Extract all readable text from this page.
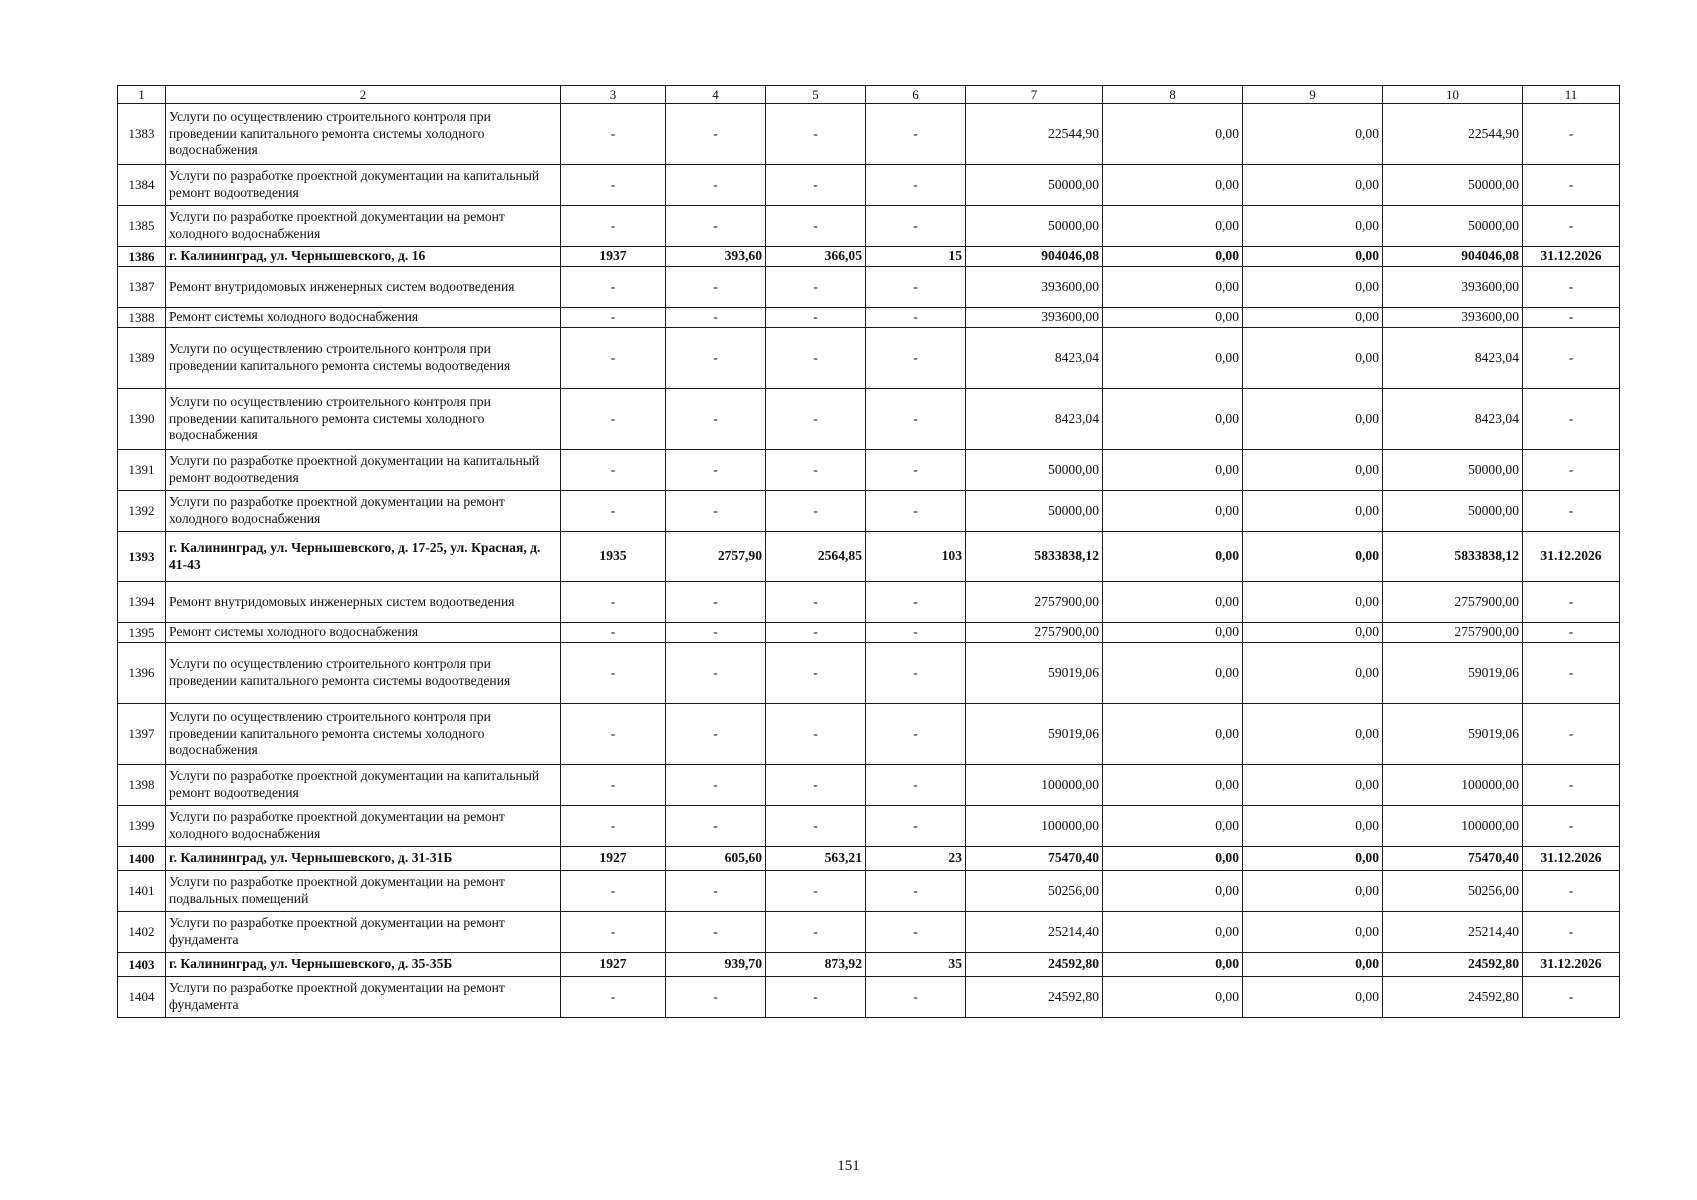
1	2	3	4	5	6	7	8	9	10	11
1383	Услуги по осуществлению строительного контроля при проведении капитального ремонта системы холодного водоснабжения	-	-	-	-	22544,90	0,00	0,00	22544,90	-
1384	Услуги по разработке проектной документации на капитальный ремонт водоотведения	-	-	-	-	50000,00	0,00	0,00	50000,00	-
1385	Услуги по разработке проектной документации на ремонт холодного водоснабжения	-	-	-	-	50000,00	0,00	0,00	50000,00	-
1386	г. Калининград, ул. Чернышевского, д. 16	1937	393,60	366,05	15	904046,08	0,00	0,00	904046,08	31.12.2026
1387	Ремонт внутридомовых инженерных систем водоотведения	-	-	-	-	393600,00	0,00	0,00	393600,00	-
1388	Ремонт системы холодного водоснабжения	-	-	-	-	393600,00	0,00	0,00	393600,00	-
1389	Услуги по осуществлению строительного контроля при проведении капитального ремонта системы водоотведения	-	-	-	-	8423,04	0,00	0,00	8423,04	-
1390	Услуги по осуществлению строительного контроля при проведении капитального ремонта системы холодного водоснабжения	-	-	-	-	8423,04	0,00	0,00	8423,04	-
1391	Услуги по разработке проектной документации на капитальный ремонт водоотведения	-	-	-	-	50000,00	0,00	0,00	50000,00	-
1392	Услуги по разработке проектной документации на ремонт холодного водоснабжения	-	-	-	-	50000,00	0,00	0,00	50000,00	-
1393	г. Калининград, ул. Чернышевского, д. 17-25, ул. Красная, д. 41-43	1935	2757,90	2564,85	103	5833838,12	0,00	0,00	5833838,12	31.12.2026
1394	Ремонт внутридомовых инженерных систем водоотведения	-	-	-	-	2757900,00	0,00	0,00	2757900,00	-
1395	Ремонт системы холодного водоснабжения	-	-	-	-	2757900,00	0,00	0,00	2757900,00	-
1396	Услуги по осуществлению строительного контроля при проведении капитального ремонта системы водоотведения	-	-	-	-	59019,06	0,00	0,00	59019,06	-
1397	Услуги по осуществлению строительного контроля при проведении капитального ремонта системы холодного водоснабжения	-	-	-	-	59019,06	0,00	0,00	59019,06	-
1398	Услуги по разработке проектной документации на капитальный ремонт водоотведения	-	-	-	-	100000,00	0,00	0,00	100000,00	-
1399	Услуги по разработке проектной документации на ремонт холодного водоснабжения	-	-	-	-	100000,00	0,00	0,00	100000,00	-
1400	г. Калининград, ул. Чернышевского, д. 31-31Б	1927	605,60	563,21	23	75470,40	0,00	0,00	75470,40	31.12.2026
1401	Услуги по разработке проектной документации на ремонт подвальных помещений	-	-	-	-	50256,00	0,00	0,00	50256,00	-
1402	Услуги по разработке проектной документации на ремонт фундамента	-	-	-	-	25214,40	0,00	0,00	25214,40	-
1403	г. Калининград, ул. Чернышевского, д. 35-35Б	1927	939,70	873,92	35	24592,80	0,00	0,00	24592,80	31.12.2026
1404	Услуги по разработке проектной документации на ремонт фундамента	-	-	-	-	24592,80	0,00	0,00	24592,80	-
151
